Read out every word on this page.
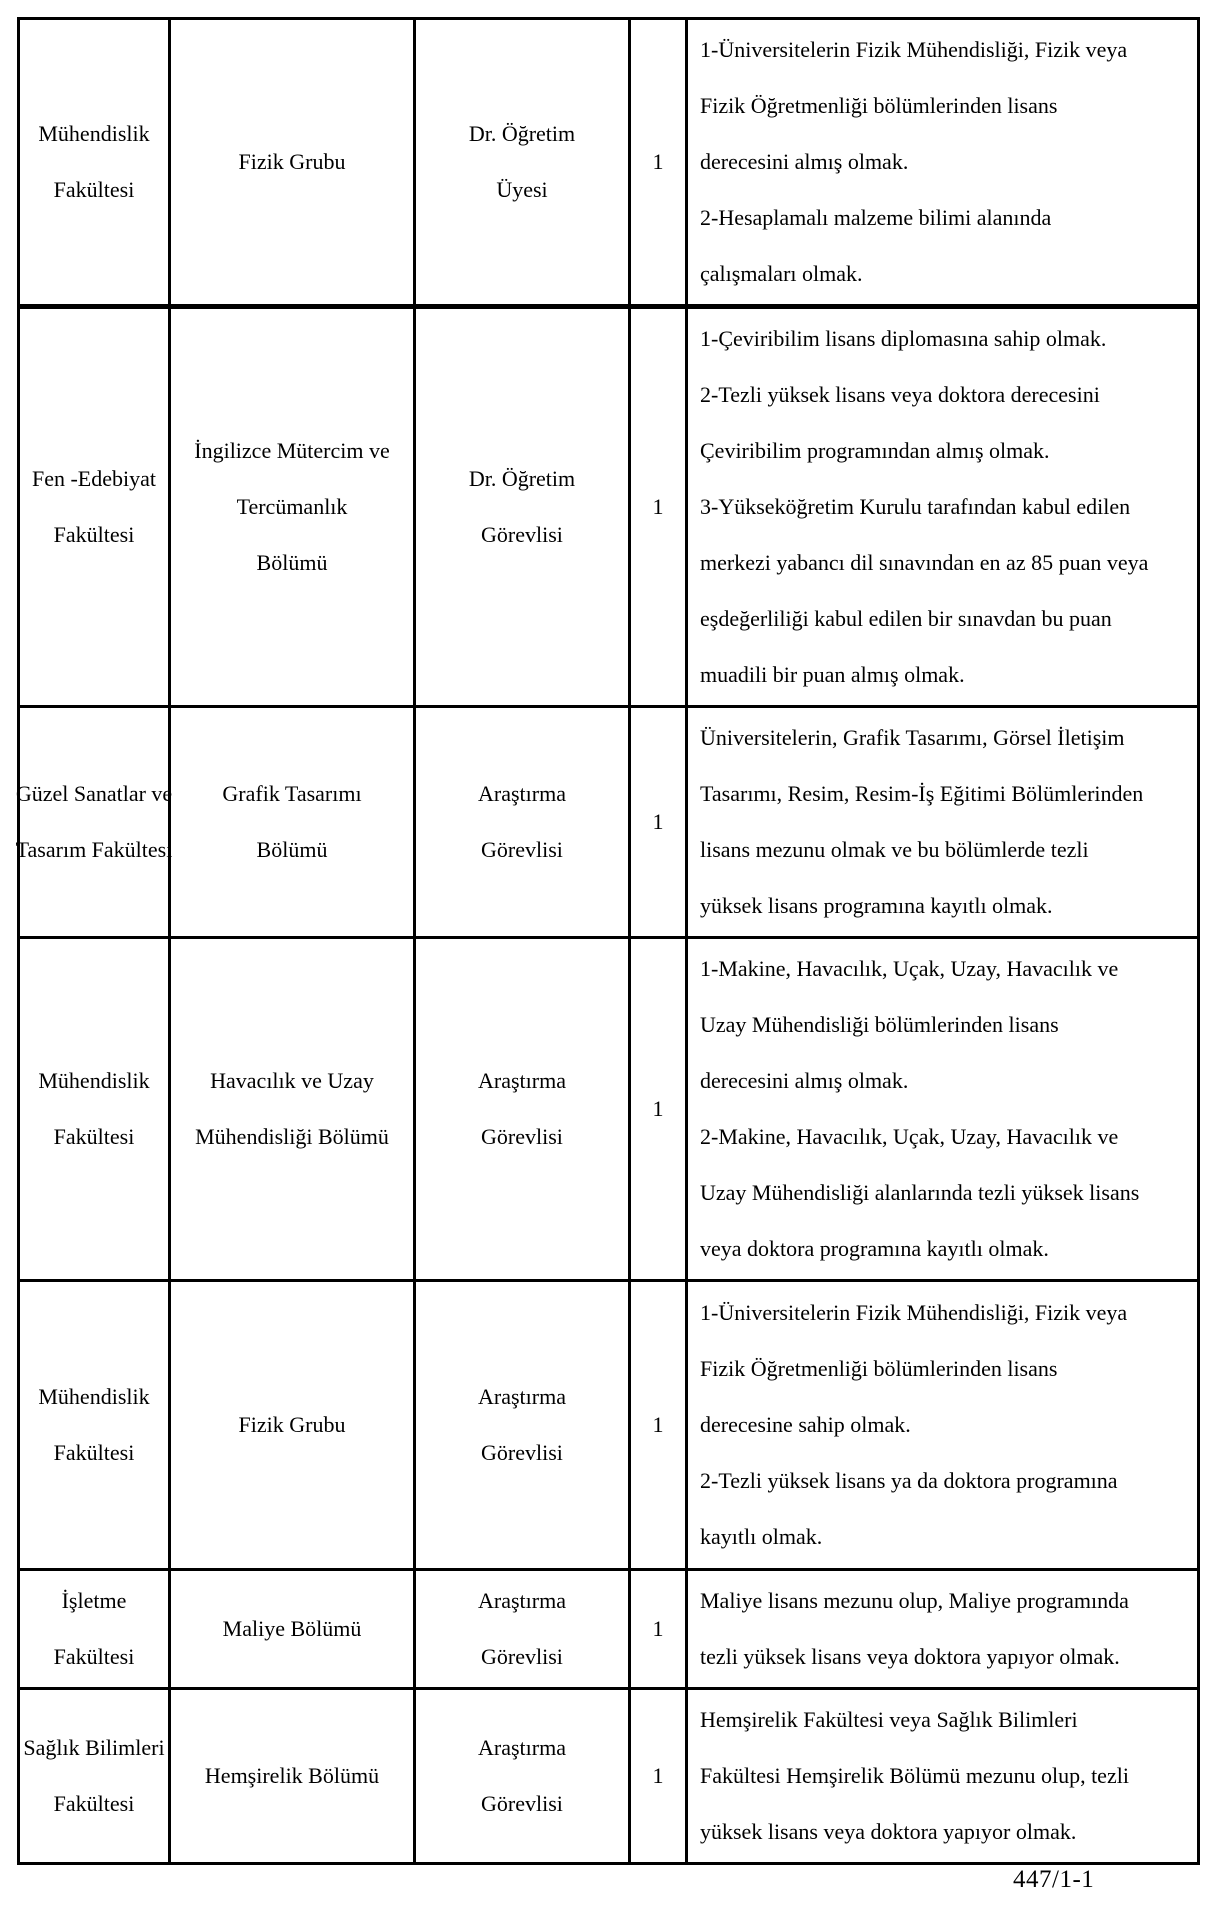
Mühendislik
Fakültesi
Fizik Grubu
Dr. Öğretim
Üyesi
1
1-Üniversitelerin Fizik Mühendisliği, Fizik veya
Fizik Öğretmenliği bölümlerinden lisans
derecesini almış olmak.
2-Hesaplamalı malzeme bilimi alanında
çalışmaları olmak.
Fen -Edebiyat
Fakültesi
İngilizce Mütercim ve
Tercümanlık
Bölümü
Dr. Öğretim
Görevlisi
1
1-Çeviribilim lisans diplomasına sahip olmak.
2-Tezli yüksek lisans veya doktora derecesini
Çeviribilim programından almış olmak.
3-Yükseköğretim Kurulu tarafından kabul edilen
merkezi yabancı dil sınavından en az 85 puan veya
eşdeğerliliği kabul edilen bir sınavdan bu puan
muadili bir puan almış olmak.
Güzel Sanatlar ve
Tasarım Fakültesi
Grafik Tasarımı
Bölümü
Araştırma
Görevlisi
1
Üniversitelerin, Grafik Tasarımı, Görsel İletişim
Tasarımı, Resim, Resim-İş Eğitimi Bölümlerinden
lisans mezunu olmak ve bu bölümlerde tezli
yüksek lisans programına kayıtlı olmak.
Mühendislik
Fakültesi
Havacılık ve Uzay
Mühendisliği Bölümü
Araştırma
Görevlisi
1
1-Makine, Havacılık, Uçak, Uzay, Havacılık ve
Uzay Mühendisliği bölümlerinden lisans
derecesini almış olmak.
2-Makine, Havacılık, Uçak, Uzay, Havacılık ve
Uzay Mühendisliği alanlarında tezli yüksek lisans
veya doktora programına kayıtlı olmak.
Mühendislik
Fakültesi
Fizik Grubu
Araştırma
Görevlisi
1
1-Üniversitelerin Fizik Mühendisliği, Fizik veya
Fizik Öğretmenliği bölümlerinden lisans
derecesine sahip olmak.
2-Tezli yüksek lisans ya da doktora programına
kayıtlı olmak.
İşletme
Fakültesi
Maliye Bölümü
Araştırma
Görevlisi
1
Maliye lisans mezunu olup, Maliye programında
tezli yüksek lisans veya doktora yapıyor olmak.
Sağlık Bilimleri
Fakültesi
Hemşirelik Bölümü
Araştırma
Görevlisi
1
Hemşirelik Fakültesi veya Sağlık Bilimleri
Fakültesi Hemşirelik Bölümü mezunu olup, tezli
yüksek lisans veya doktora yapıyor olmak.
447/1-1
